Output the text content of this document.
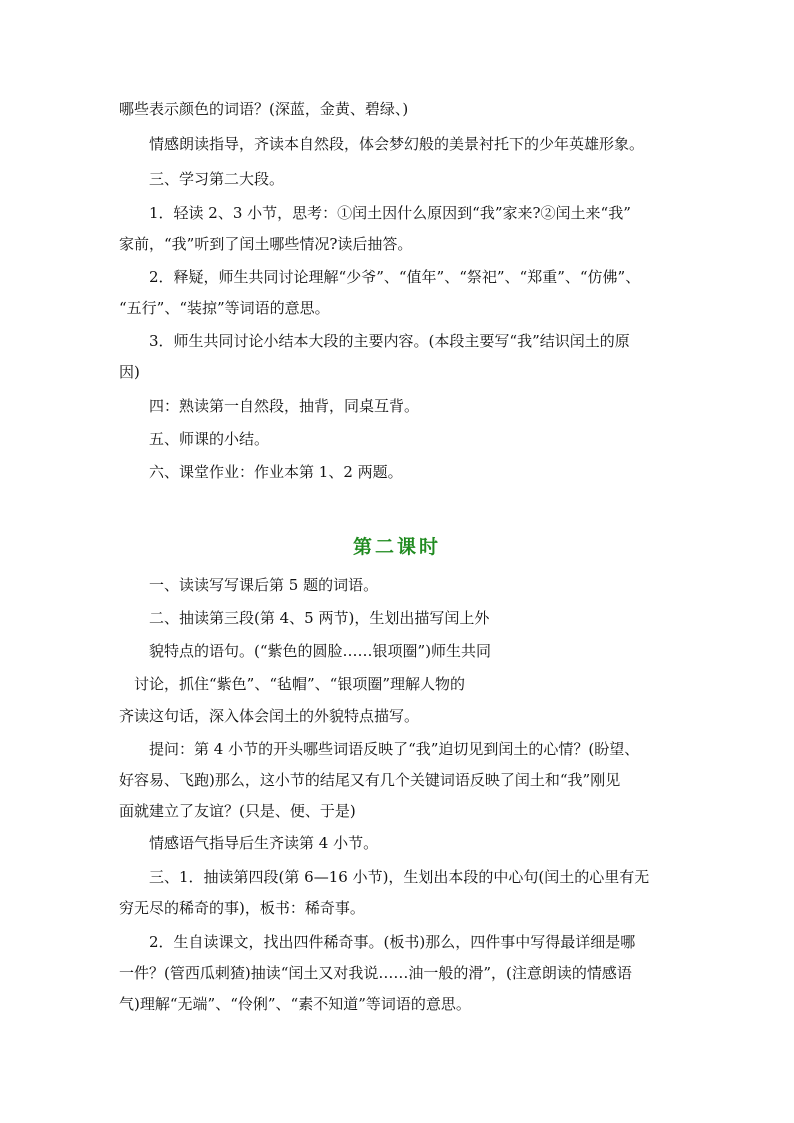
哪些表示颜色的词语？(深蓝，金黄、碧绿、)

情感朗读指导，齐读本自然段，体会梦幻般的美景衬托下的少年英雄形象。

三、学习第二大段。

1．轻读 2、3 小节，思考：①闰土因什么原因到“我”家来?②闰土来“我”

家前，“我”听到了闰土哪些情况?读后抽答。

2．释疑，师生共同讨论理解“少爷”、“值年”、“祭祀”、“郑重”、“仿佛”、

“五行”、“装掠”等词语的意思。

3．师生共同讨论小结本大段的主要内容。(本段主要写“我”结识闰土的原

因)

四：熟读第一自然段，抽背，同桌互背。

五、师课的小结。

六、课堂作业：作业本第 1、2 两题。

第二课时

一、读读写写课后第 5 题的词语。

二、抽读第三段(第 4、5 两节)，生划出描写闰上外

貌特点的语句。(“紫色的圆脸……银项圈”)师生共同

讨论，抓住“紫色”、“毡帽”、“银项圈”理解人物的

齐读这句话，深入体会闰土的外貌特点描写。

提问：第 4 小节的开头哪些词语反映了“我”迫切见到闰土的心情？(盼望、

好容易、飞跑)那么，这小节的结尾又有几个关键词语反映了闰土和“我”刚见

面就建立了友谊？(只是、便、于是)

情感语气指导后生齐读第 4 小节。

三、1．抽读第四段(第 6—16 小节)，生划出本段的中心句(闰土的心里有无

穷无尽的稀奇的事)，板书：稀奇事。

2．生自读课文，找出四件稀奇事。(板书)那么，四件事中写得最详细是哪

一件？(管西瓜刺猹)抽读“闰土又对我说……油一般的滑”，(注意朗读的情感语

气)理解“无端”、“伶俐”、“素不知道”等词语的意思。
